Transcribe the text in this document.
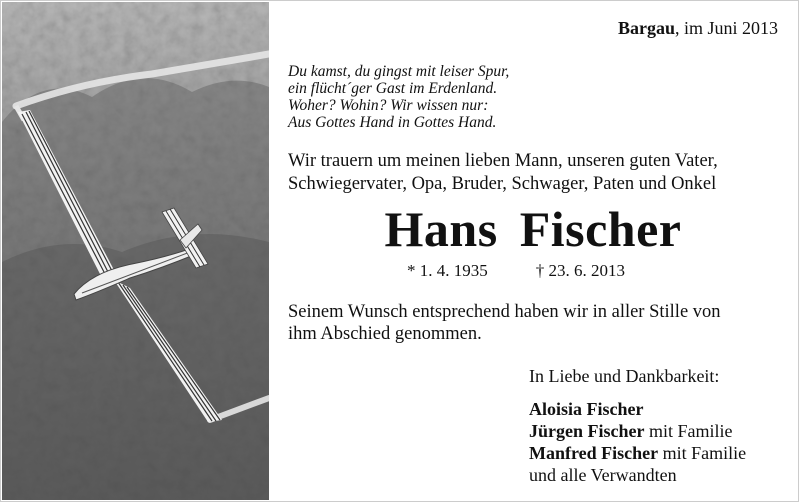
Bargau, im Juni 2013
Du kamst, du gingst mit leiser Spur,
ein flücht´ger Gast im Erdenland.
Woher? Wohin? Wir wissen nur:
Aus Gottes Hand in Gottes Hand.
Wir trauern um meinen lieben Mann, unseren guten Vater,
Schwiegervater, Opa, Bruder, Schwager, Paten und Onkel
Hans Fischer
* 1. 4. 1935	† 23. 6. 2013
Seinem Wunsch entsprechend haben wir in aller Stille von
ihm Abschied genommen.
In Liebe und Dankbarkeit:
Aloisia Fischer
Jürgen Fischer mit Familie
Manfred Fischer mit Familie
und alle Verwandten
